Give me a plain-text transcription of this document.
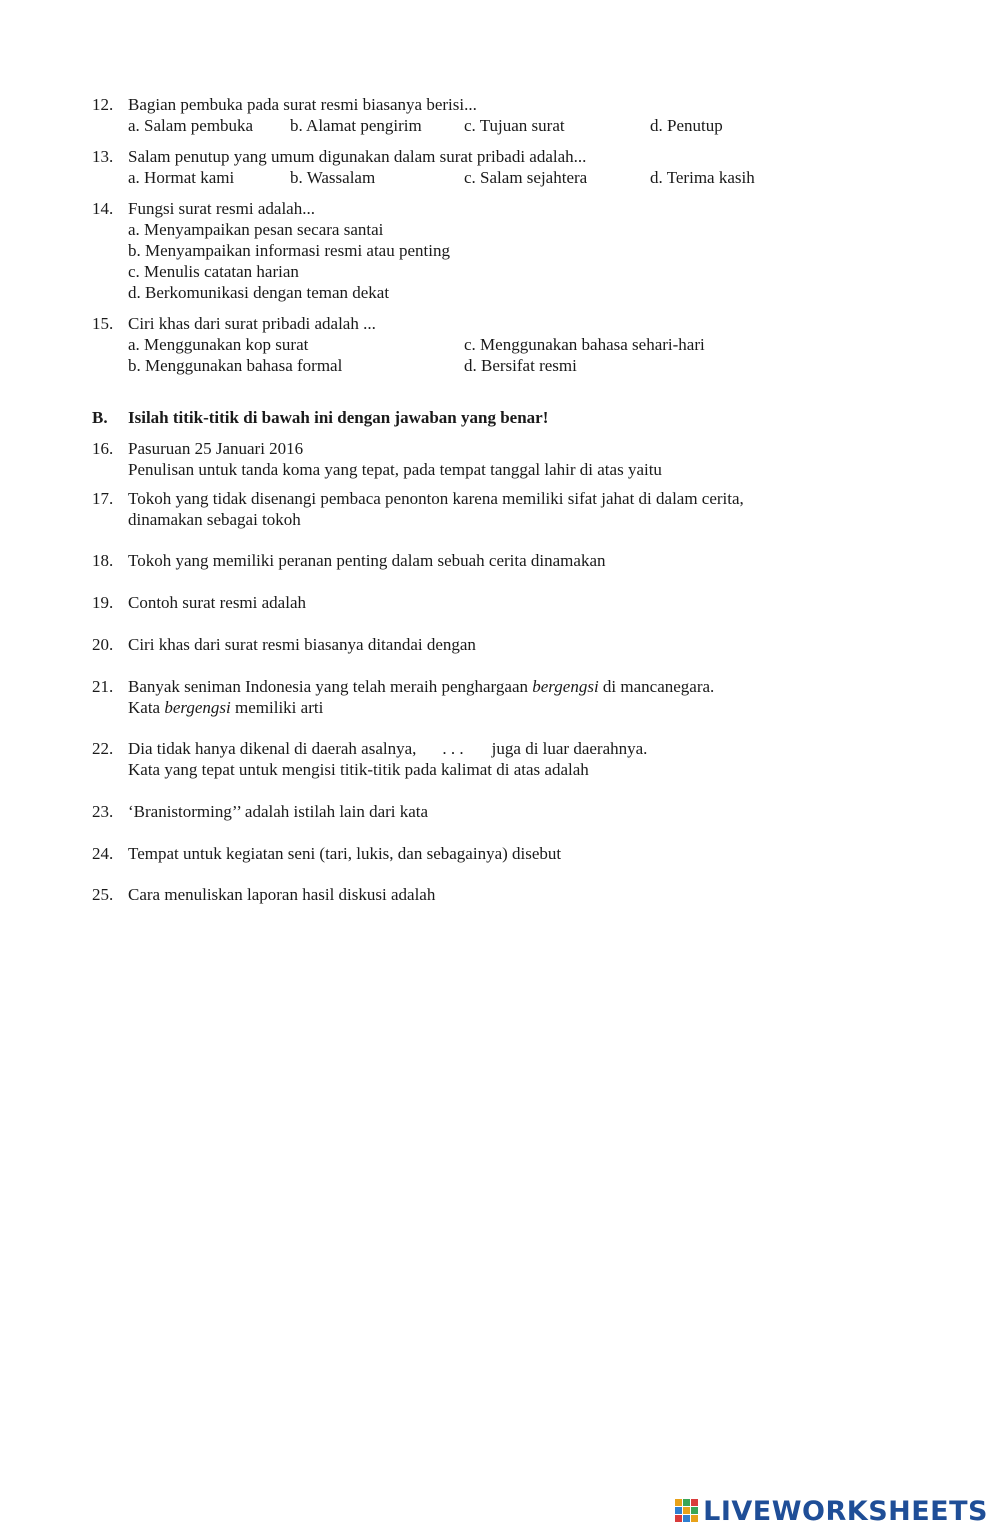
12. Bagian pembuka pada surat resmi biasanya berisi...
a. Salam pembuka b. Alamat pengirim c. Tujuan surat	d. Penutup
13. Salam penutup yang umum digunakan dalam surat pribadi adalah...
a. Hormat kami	b. Wassalam	c. Salam sejahtera	d. Terima kasih
14. Fungsi surat resmi adalah...
a. Menyampaikan pesan secara santai
b. Menyampaikan informasi resmi atau penting
c. Menulis catatan harian
d. Berkomunikasi dengan teman dekat
15. Ciri khas dari surat pribadi adalah ...
a. Menggunakan kop surat	c. Menggunakan bahasa sehari-hari
b. Menggunakan bahasa formal	d. Bersifat resmi
B. Isilah titik-titik di bawah ini dengan jawaban yang benar!
16. Pasuruan 25 Januari 2016
Penulisan untuk tanda koma yang tepat, pada tempat tanggal lahir di atas yaitu
17. Tokoh yang tidak disenangi pembaca penonton karena memiliki sifat jahat di dalam cerita,
dinamakan sebagai tokoh
18. Tokoh yang memiliki peranan penting dalam sebuah cerita dinamakan
19. Contoh surat resmi adalah
20. Ciri khas dari surat resmi biasanya ditandai dengan
21. Banyak seniman Indonesia yang telah meraih penghargaan bergengsi di mancanegara.
Kata bergengsi memiliki arti
22. Dia tidak hanya dikenal di daerah asalnya, . . . juga di luar daerahnya.
Kata yang tepat untuk mengisi titik-titik pada kalimat di atas adalah
23. ‘Branistorming’’ adalah istilah lain dari kata
24. Tempat untuk kegiatan seni (tari, lukis, dan sebagainya) disebut
25. Cara menuliskan laporan hasil diskusi adalah
LIVEWORKSHEETS
